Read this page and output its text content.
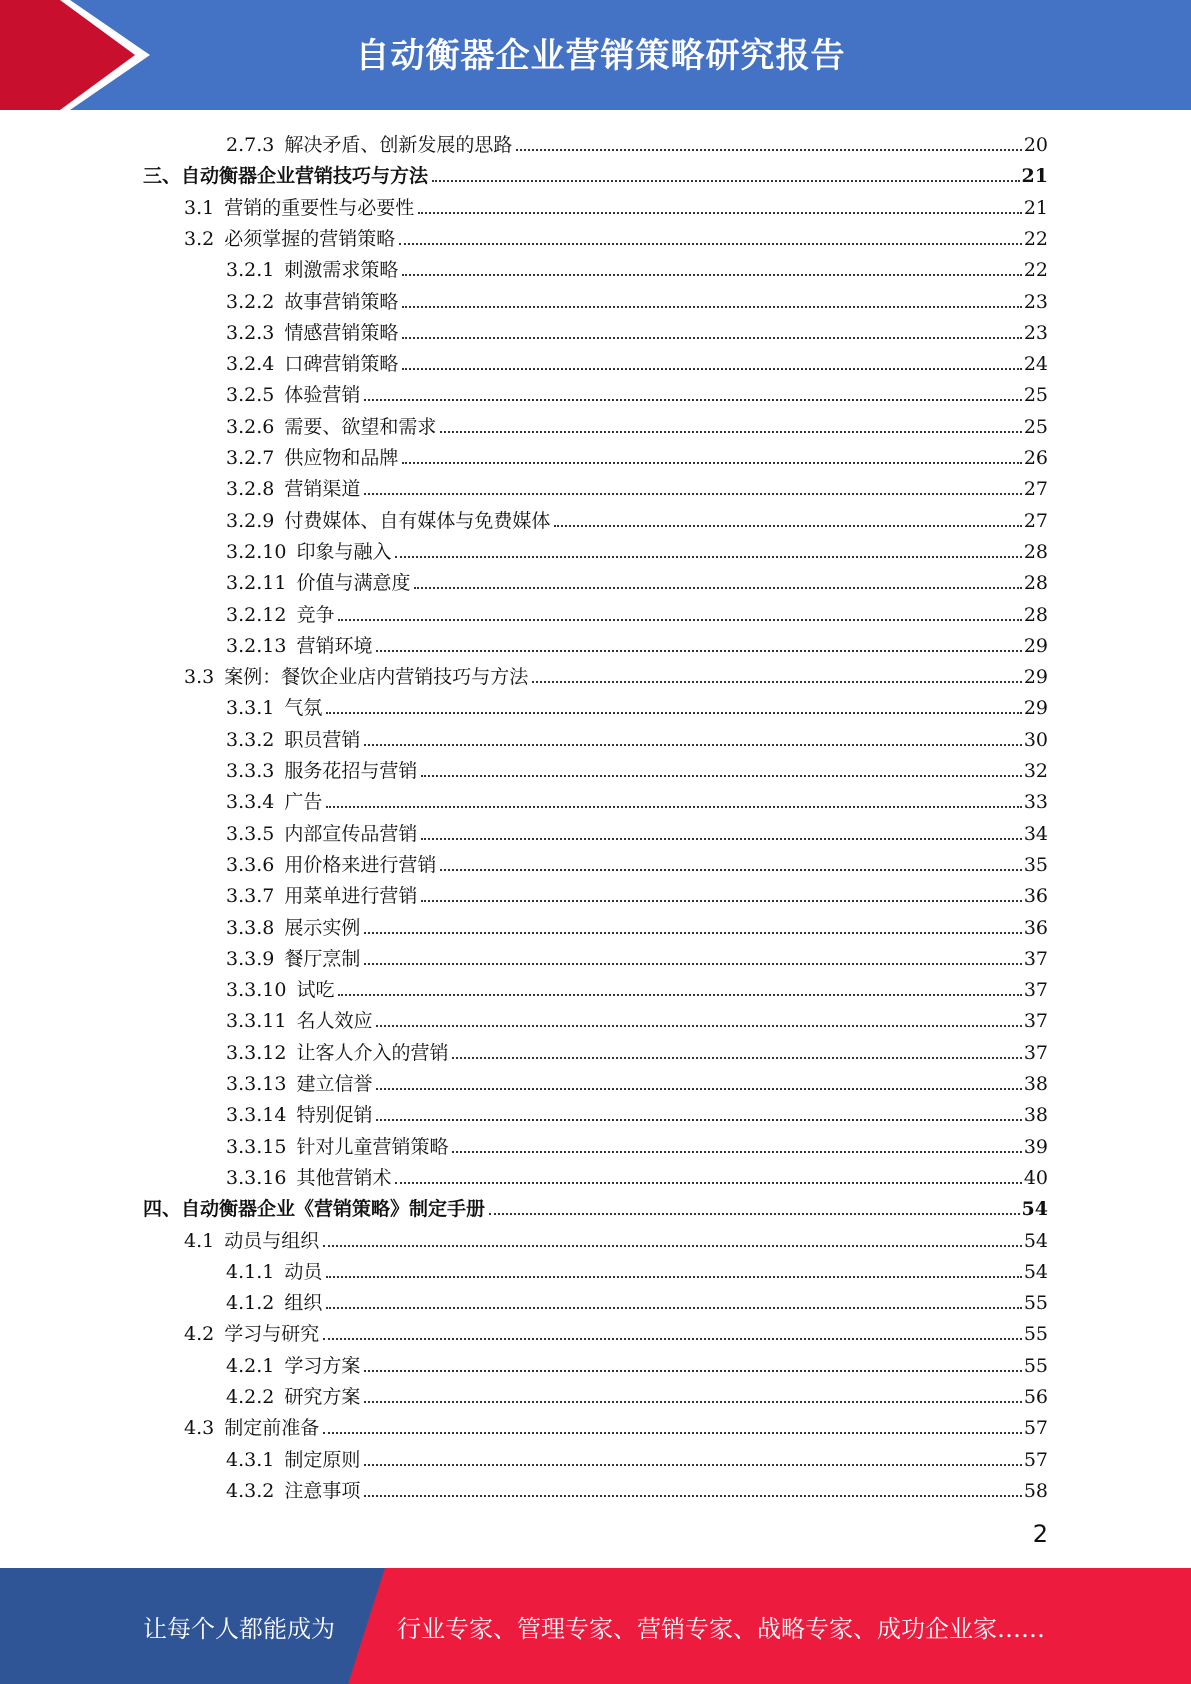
自动衡器企业营销策略研究报告
2.7.3 解决矛盾、创新发展的思路	20
三、 自动衡器企业营销技巧与方法	21
3.1 营销的重要性与必要性	21
3.2 必须掌握的营销策略	22
3.2.1 刺激需求策略	22
3.2.2 故事营销策略	23
3.2.3 情感营销策略	23
3.2.4 口碑营销策略	24
3.2.5 体验营销	25
3.2.6 需要、欲望和需求	25
3.2.7 供应物和品牌	26
3.2.8 营销渠道	27
3.2.9 付费媒体、自有媒体与免费媒体	27
3.2.10 印象与融入	28
3.2.11 价值与满意度	28
3.2.12 竞争	28
3.2.13 营销环境	29
3.3 案例：餐饮企业店内营销技巧与方法	29
3.3.1 气氛	29
3.3.2 职员营销	30
3.3.3 服务花招与营销	32
3.3.4 广告	33
3.3.5 内部宣传品营销	34
3.3.6 用价格来进行营销	35
3.3.7 用菜单进行营销	36
3.3.8 展示实例	36
3.3.9 餐厅烹制	37
3.3.10 试吃	37
3.3.11 名人效应	37
3.3.12 让客人介入的营销	37
3.3.13 建立信誉	38
3.3.14 特别促销	38
3.3.15 针对儿童营销策略	39
3.3.16 其他营销术	40
四、 自动衡器企业《营销策略》制定手册	54
4.1 动员与组织	54
4.1.1 动员	54
4.1.2 组织	55
4.2 学习与研究	55
4.2.1 学习方案	55
4.2.2 研究方案	56
4.3 制定前准备	57
4.3.1 制定原则	57
4.3.2 注意事项	58
2
让每个人都能成为	行业专家、管理专家、营销专家、战略专家、成功企业家……
